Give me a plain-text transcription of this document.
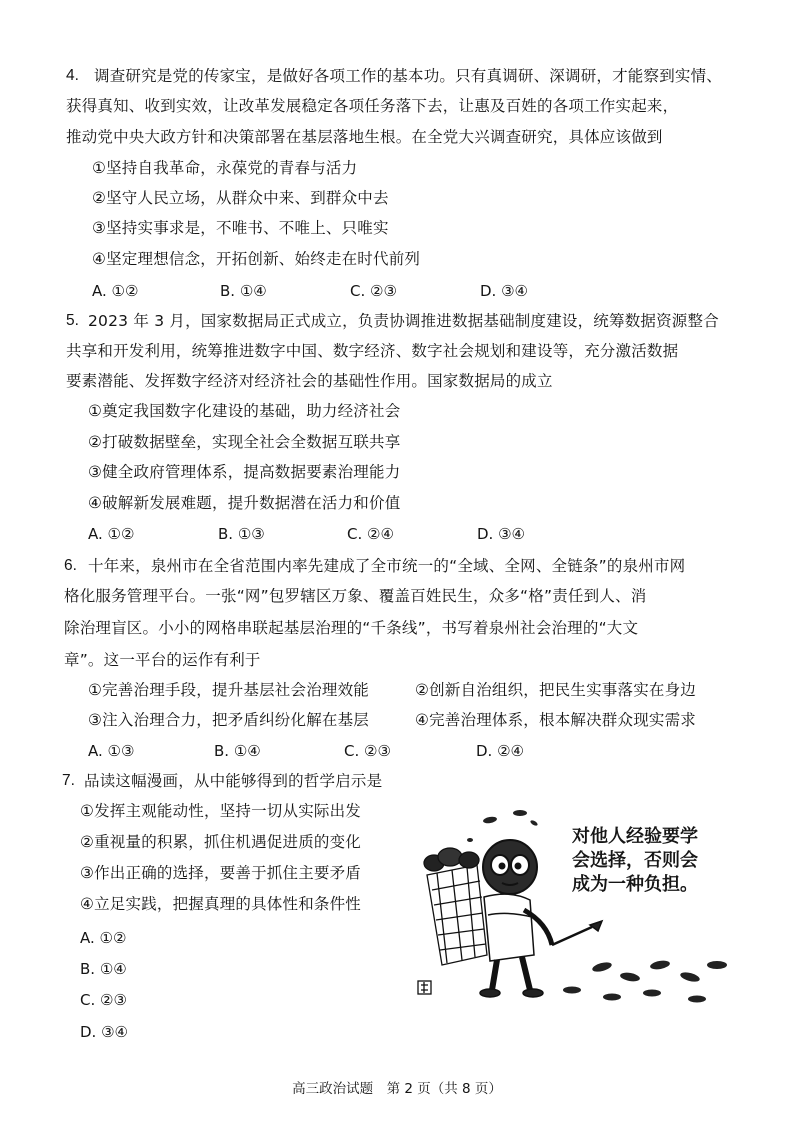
4. 调查研究是党的传家宝，是做好各项工作的基本功。只有真调研、深调研，才能察到实情、
获得真知、收到实效，让改革发展稳定各项任务落下去，让惠及百姓的各项工作实起来，
推动党中央大政方针和决策部署在基层落地生根。在全党大兴调查研究，具体应该做到
①坚持自我革命，永葆党的青春与活力
②坚守人民立场，从群众中来、到群众中去
③坚持实事求是，不唯书、不唯上、只唯实
④坚定理想信念，开拓创新、始终走在时代前列
A. ①②	B. ①④	C. ②③	D. ③④
5. 2023 年 3 月，国家数据局正式成立，负责协调推进数据基础制度建设，统筹数据资源整合
共享和开发利用，统筹推进数字中国、数字经济、数字社会规划和建设等，充分激活数据
要素潜能、发挥数字经济对经济社会的基础性作用。国家数据局的成立
①奠定我国数字化建设的基础，助力经济社会
②打破数据壁垒，实现全社会全数据互联共享
③健全政府管理体系，提高数据要素治理能力
④破解新发展难题，提升数据潜在活力和价值
A. ①②	B. ①③	C. ②④	D. ③④
6. 十年来，泉州市在全省范围内率先建成了全市统一的“全域、全网、全链条”的泉州市网
格化服务管理平台。一张“网”包罗辖区万象、覆盖百姓民生，众多“格”责任到人、消
除治理盲区。小小的网格串联起基层治理的“千条线”，书写着泉州社会治理的“大文
章”。这一平台的运作有利于
①完善治理手段，提升基层社会治理效能	②创新自治组织，把民生实事落实在身边
③注入治理合力，把矛盾纠纷化解在基层	④完善治理体系，根本解决群众现实需求
A. ①③	B. ①④	C. ②③	D. ②④
7. 品读这幅漫画，从中能够得到的哲学启示是
①发挥主观能动性，坚持一切从实际出发
②重视量的积累，抓住机遇促进质的变化
③作出正确的选择，要善于抓住主要矛盾
④立足实践，把握真理的具体性和条件性
A. ①②
B. ①④
C. ②③
D. ③④
对他人经验要学
会选择，否则会
成为一种负担。
高三政治试题　第 2 页（共 8 页）
